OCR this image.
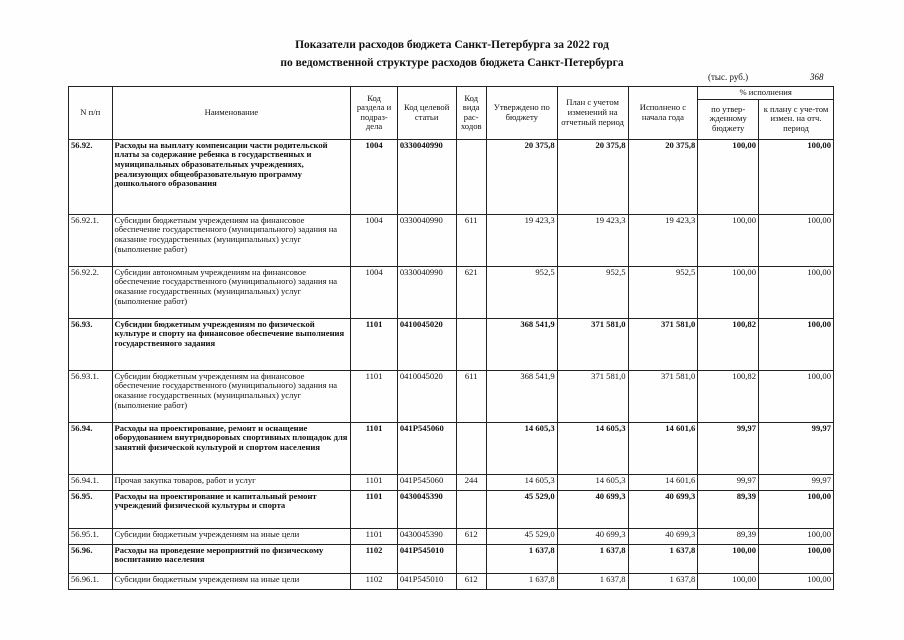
Показатели расходов бюджета Санкт-Петербурга за 2022 год
по ведомственной структуре расходов бюджета Санкт-Петербурга
(тыс. руб.)	368
N п/п	Наименование	Код раздела и подраз-дела	Код целевой статьи	Код вида рас-ходов	Утверждено по бюджету	План с учетом изменений на отчетный период	Исполнено с начала года	% исполнения	
								по утвер-жденному бюджету	к плану с уче-том измен. на отч. период
56.92.	Расходы на выплату компенсации части родительской платы за содержание ребенка в государственных и муниципальных образовательных учреждениях, реализующих общеобразовательную программу дошкольного образования	1004	0330040990		20 375,8	20 375,8	20 375,8	100,00	100,00
56.92.1.	Субсидии бюджетным учреждениям на финансовое обеспечение государственного (муниципального) задания на оказание государственных (муниципальных) услуг (выполнение работ)	1004	0330040990	611	19 423,3	19 423,3	19 423,3	100,00	100,00
56.92.2.	Субсидии автономным учреждениям на финансовое обеспечение государственного (муниципального) задания на оказание государственных (муниципальных) услуг (выполнение работ)	1004	0330040990	621	952,5	952,5	952,5	100,00	100,00
56.93.	Субсидии бюджетным учреждениям по физической культуре и спорту на финансовое обеспечение выполнения государственного задания	1101	0410045020		368 541,9	371 581,0	371 581,0	100,82	100,00
56.93.1.	Субсидии бюджетным учреждениям на финансовое обеспечение государственного (муниципального) задания на оказание государственных (муниципальных) услуг (выполнение работ)	1101	0410045020	611	368 541,9	371 581,0	371 581,0	100,82	100,00
56.94.	Расходы на проектирование, ремонт и оснащение оборудованием внутридворовых спортивных площадок для занятий физической культурой и спортом населения	1101	041P545060		14 605,3	14 605,3	14 601,6	99,97	99,97
56.94.1.	Прочая закупка товаров, работ и услуг	1101	041P545060	244	14 605,3	14 605,3	14 601,6	99,97	99,97
56.95.	Расходы на проектирование и капитальный ремонт учреждений физической культуры и спорта	1101	0430045390		45 529,0	40 699,3	40 699,3	89,39	100,00
56.95.1.	Субсидии бюджетным учреждениям на иные цели	1101	0430045390	612	45 529,0	40 699,3	40 699,3	89,39	100,00
56.96.	Расходы на проведение мероприятий по физическому воспитанию населения	1102	041P545010		1 637,8	1 637,8	1 637,8	100,00	100,00
56.96.1.	Субсидии бюджетным учреждениям на иные цели	1102	041P545010	612	1 637,8	1 637,8	1 637,8	100,00	100,00
